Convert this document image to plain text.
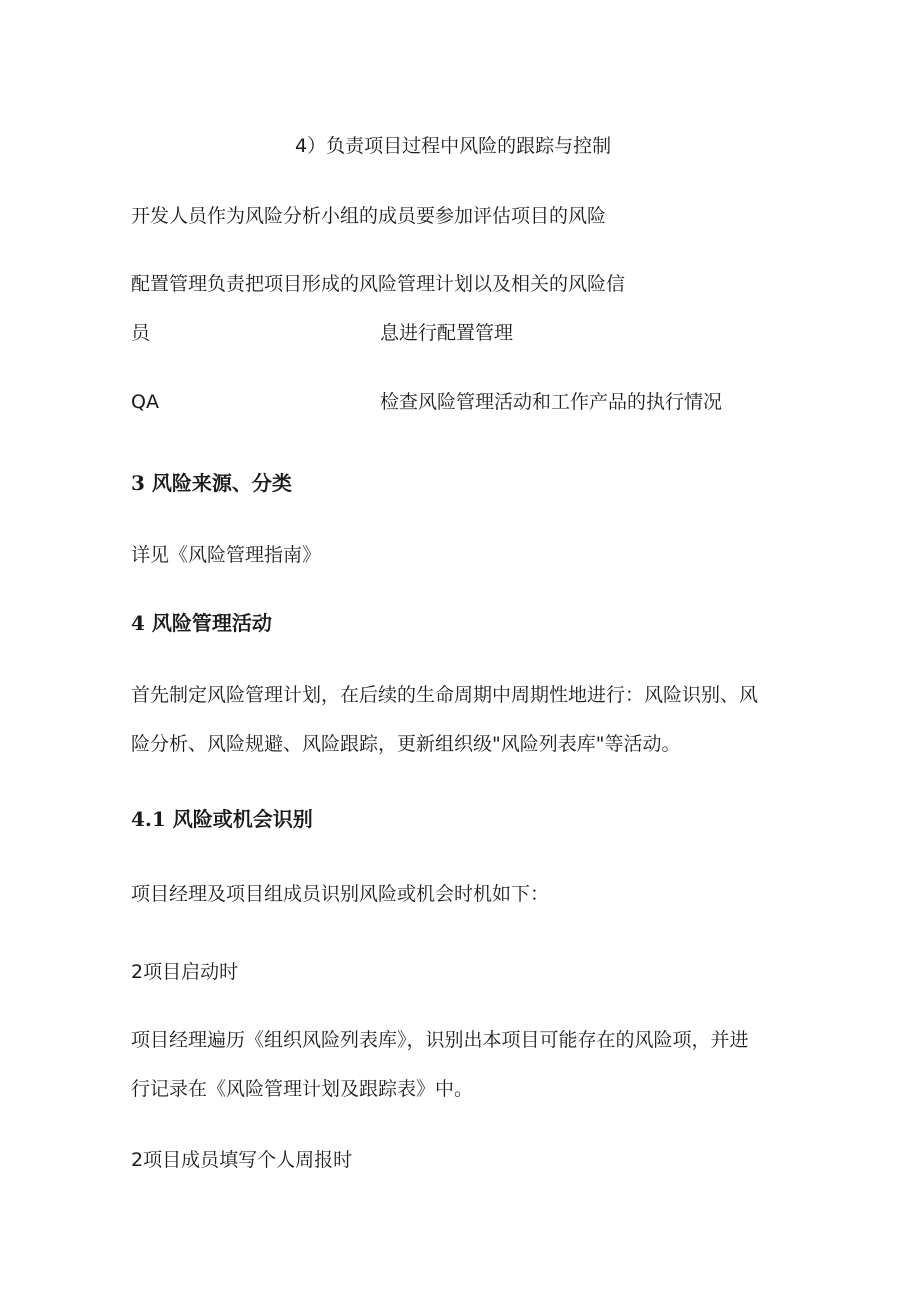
4）负责项目过程中风险的跟踪与控制
开发人员作为风险分析小组的成员要参加评估项目的风险
配置管理负责把项目形成的风险管理计划以及相关的风险信
员	息进行配置管理
QA	检查风险管理活动和工作产品的执行情况
3 风险来源、分类
详见《风险管理指南》
4 风险管理活动
首先制定风险管理计划，在后续的生命周期中周期性地进行：风险识别、风
险分析、风险规避、风险跟踪，更新组织级"风险列表库"等活动。
4.1 风险或机会识别
项目经理及项目组成员识别风险或机会时机如下：
2项目启动时
项目经理遍历《组织风险列表库》，识别出本项目可能存在的风险项，并进
行记录在《风险管理计划及跟踪表》中。
2项目成员填写个人周报时
